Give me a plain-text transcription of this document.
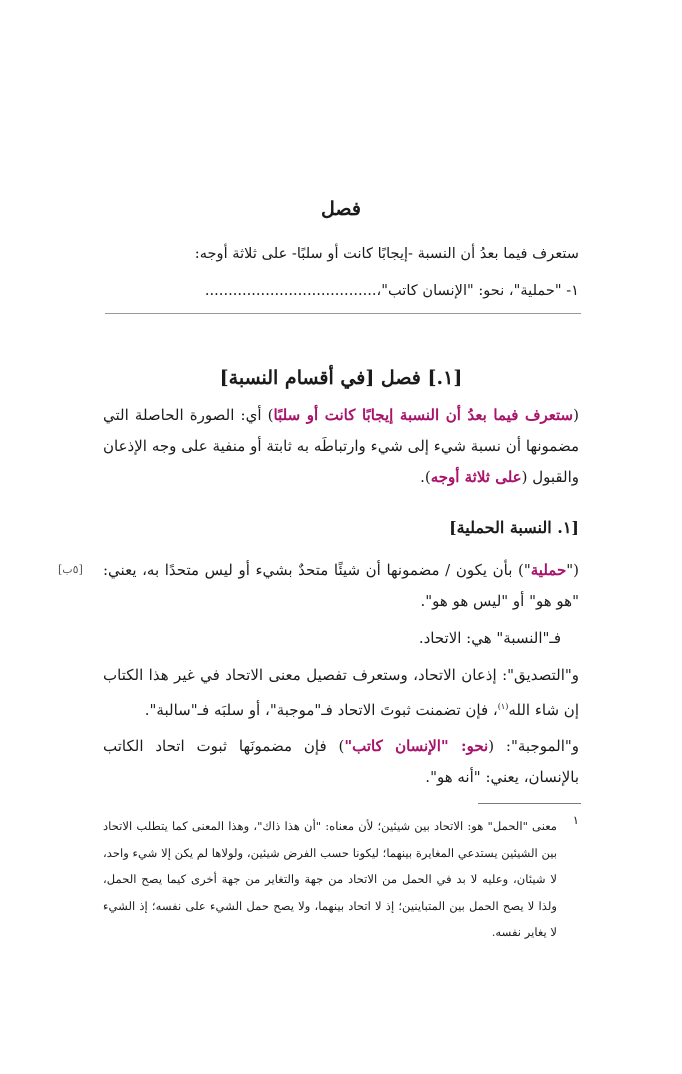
فصل
ستعرف فيما بعدُ أن النسبة -إيجابًا كانت أو سلبًا- على ثلاثة أوجه:
١- "حملية"، نحو: "الإنسان كاتب"،.....................................
[١.] فصل [في أقسام النسبة]
(ستعرف فيما بعدُ أن النسبة إيجابًا كانت أو سلبًا) أي: الصورة الحاصلة التي مضمونها أن نسبة شيء إلى شيء وارتباطَه به ثابتة أو منفية على وجه الإذعان والقبول (على ثلاثة أوجه).
[١. النسبة الحملية]
[٥ب]	("حملية") بأن يكون / مضمونها أن شيئًا متحدٌ بشيء أو ليس متحدًا به، يعني: "هو هو" أو "ليس هو هو".
فـ"النسبة" هي: الاتحاد.
و"التصديق": إذعان الاتحاد، وستعرف تفصيل معنى الاتحاد في غير هذا الكتاب إن شاء الله$^{(١)}$، فإن تضمنت ثبوتَ الاتحاد فـ"موجبة"، أو سلبَه فـ"سالبة".
و"الموجبة": (نحو: "الإنسان كاتب") فإن مضمونَها ثبوت اتحاد الكاتب بالإنسان، يعني: "أنه هو".
١
معنى "الحمل" هو: الاتحاد بين شيئين؛ لأن معناه: "أن هذا ذاك"، وهذا المعنى كما يتطلب الاتحاد بين الشيئين يستدعي المغايرة بينهما؛ ليكونا حسب الفرض شيئين، ولولاها لم يكن إلا شيء واحد، لا شيئان، وعليه لا بد في الحمل من الاتحاد من جهة والتغاير من جهة أخرى كيما يصح الحمل، ولذا لا يصح الحمل بين المتباينين؛ إذ لا اتحاد بينهما، ولا يصح حمل الشيء على نفسه؛ إذ الشيء لا يغاير نفسه.
